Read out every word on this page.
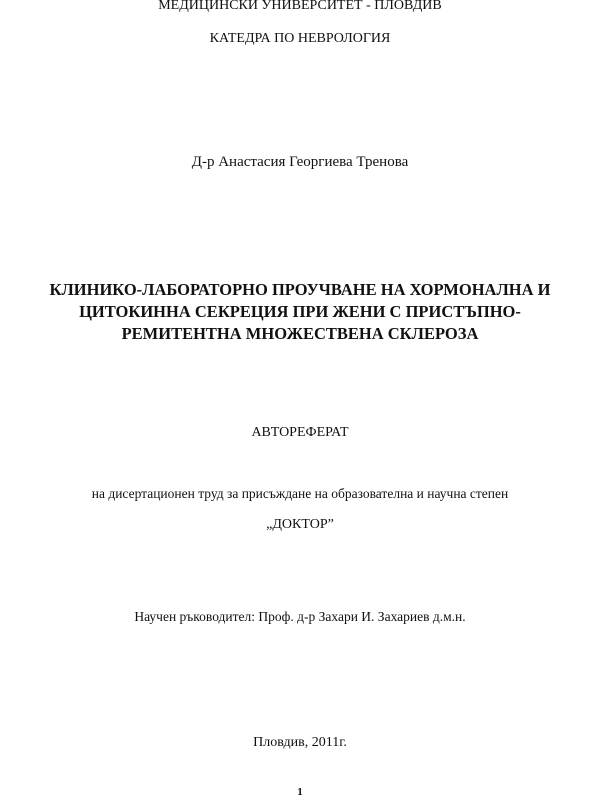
МЕДИЦИНСКИ УНИВЕРСИТЕТ - ПЛОВДИВ
КАТЕДРА ПО НЕВРОЛОГИЯ
Д-р Анастасия Георгиева Тренова
КЛИНИКО-ЛАБОРАТОРНО ПРОУЧВАНЕ НА ХОРМОНАЛНА И
ЦИТОКИННА СЕКРЕЦИЯ ПРИ ЖЕНИ С ПРИСТЪПНО-
РЕМИТЕНТНА МНОЖЕСТВЕНА СКЛЕРОЗА
АВТОРЕФЕРАТ
на дисертационен труд за присъждане на образователна и научна степен
„ДОКТОР”
Научен ръководител: Проф. д-р Захари И. Захариев д.м.н.
Пловдив, 2011г.
1
